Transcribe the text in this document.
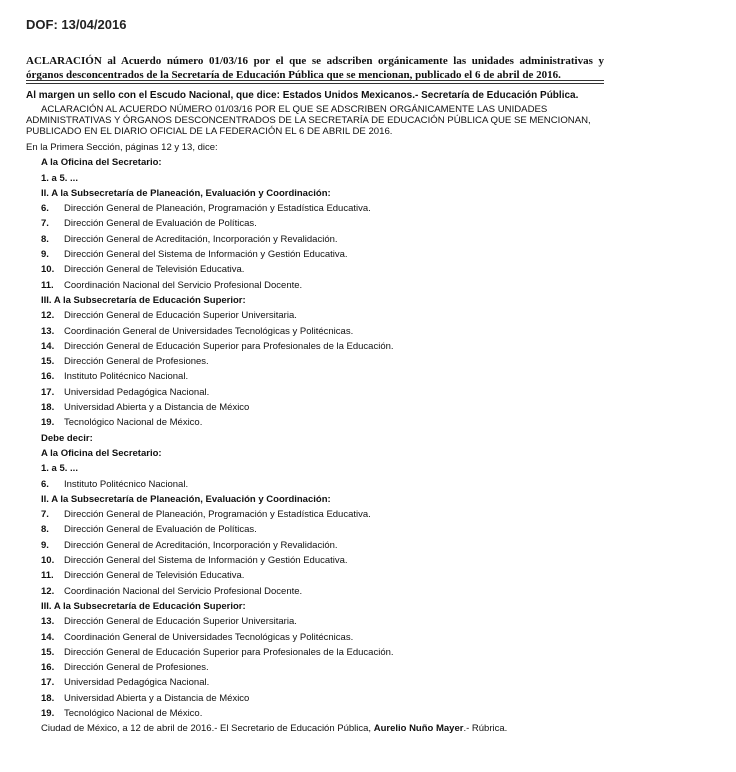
DOF: 13/04/2016
ACLARACIÓN al Acuerdo número 01/03/16 por el que se adscriben orgánicamente las unidades administrativas y órganos desconcentrados de la Secretaría de Educación Pública que se mencionan, publicado el 6 de abril de 2016.
Al margen un sello con el Escudo Nacional, que dice: Estados Unidos Mexicanos.- Secretaría de Educación Pública.
ACLARACIÓN AL ACUERDO NÚMERO 01/03/16 POR EL QUE SE ADSCRIBEN ORGÁNICAMENTE LAS UNIDADES ADMINISTRATIVAS Y ÓRGANOS DESCONCENTRADOS DE LA SECRETARÍA DE EDUCACIÓN PÚBLICA QUE SE MENCIONAN, PUBLICADO EN EL DIARIO OFICIAL DE LA FEDERACIÓN EL 6 DE ABRIL DE 2016.
En la Primera Sección, páginas 12 y 13, dice:
A la Oficina del Secretario:
1. a 5. ...
II. A la Subsecretaría de Planeación, Evaluación y Coordinación:
6. Dirección General de Planeación, Programación y Estadística Educativa.
7. Dirección General de Evaluación de Políticas.
8. Dirección General de Acreditación, Incorporación y Revalidación.
9. Dirección General del Sistema de Información y Gestión Educativa.
10. Dirección General de Televisión Educativa.
11. Coordinación Nacional del Servicio Profesional Docente.
III. A la Subsecretaría de Educación Superior:
12. Dirección General de Educación Superior Universitaria.
13. Coordinación General de Universidades Tecnológicas y Politécnicas.
14. Dirección General de Educación Superior para Profesionales de la Educación.
15. Dirección General de Profesiones.
16. Instituto Politécnico Nacional.
17. Universidad Pedagógica Nacional.
18. Universidad Abierta y a Distancia de México
19. Tecnológico Nacional de México.
Debe decir:
A la Oficina del Secretario:
1. a 5. ...
6. Instituto Politécnico Nacional.
II. A la Subsecretaría de Planeación, Evaluación y Coordinación:
7. Dirección General de Planeación, Programación y Estadística Educativa.
8. Dirección General de Evaluación de Políticas.
9. Dirección General de Acreditación, Incorporación y Revalidación.
10. Dirección General del Sistema de Información y Gestión Educativa.
11. Dirección General de Televisión Educativa.
12. Coordinación Nacional del Servicio Profesional Docente.
III. A la Subsecretaría de Educación Superior:
13. Dirección General de Educación Superior Universitaria.
14. Coordinación General de Universidades Tecnológicas y Politécnicas.
15. Dirección General de Educación Superior para Profesionales de la Educación.
16. Dirección General de Profesiones.
17. Universidad Pedagógica Nacional.
18. Universidad Abierta y a Distancia de México
19. Tecnológico Nacional de México.
Ciudad de México, a 12 de abril de 2016.- El Secretario de Educación Pública, Aurelio Nuño Mayer.- Rúbrica.
